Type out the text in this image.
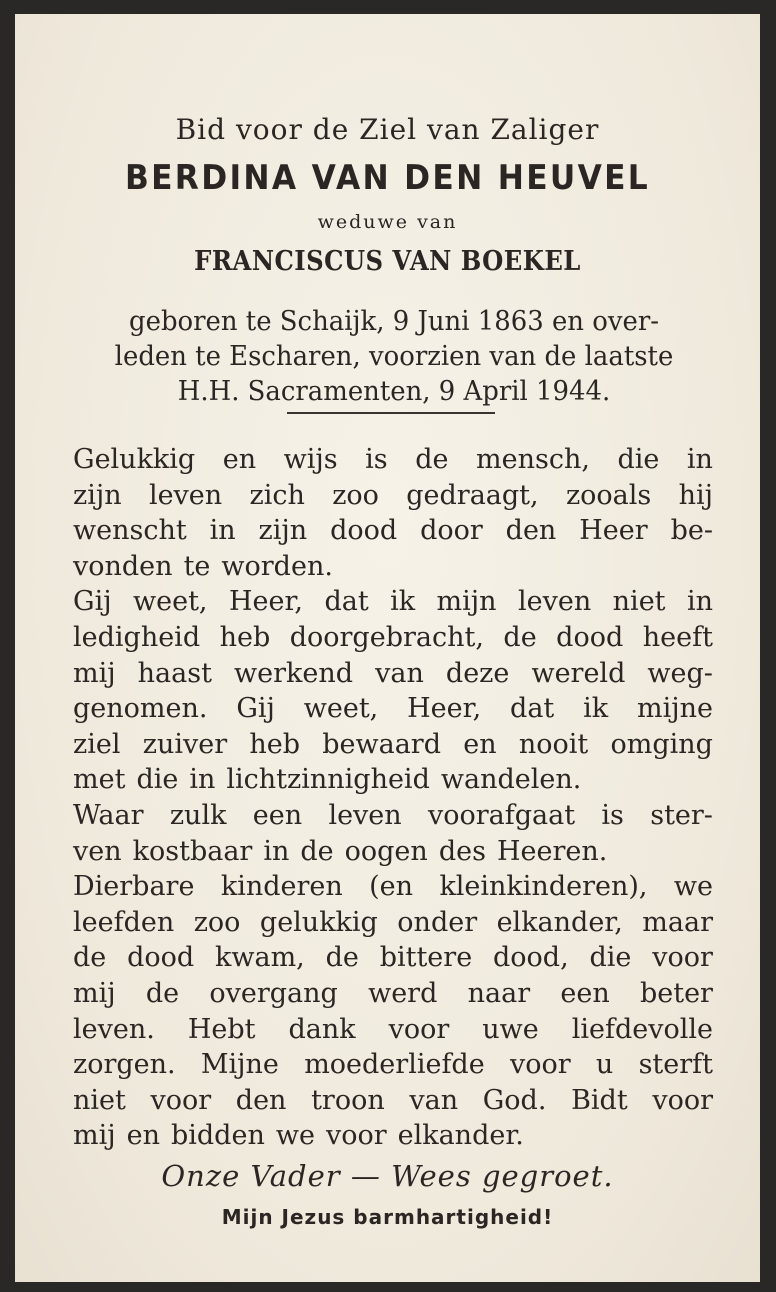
Bid voor de Ziel van Zaliger
BERDINA VAN DEN HEUVEL
weduwe van
FRANCISCUS VAN BOEKEL
geboren te Schaijk, 9 Juni 1863 en over-
leden te Escharen, voorzien van de laatste
H.H. Sacramenten, 9 April 1944.
Gelukkig en wijs is de mensch, die in
zijn leven zich zoo gedraagt, zooals hij
wenscht in zijn dood door den Heer be-
vonden te worden.
Gij weet, Heer, dat ik mijn leven niet in
ledigheid heb doorgebracht, de dood heeft
mij haast werkend van deze wereld weg-
genomen. Gij weet, Heer, dat ik mijne
ziel zuiver heb bewaard en nooit omging
met die in lichtzinnigheid wandelen.
Waar zulk een leven voorafgaat is ster-
ven kostbaar in de oogen des Heeren.
Dierbare kinderen (en kleinkinderen), we
leefden zoo gelukkig onder elkander, maar
de dood kwam, de bittere dood, die voor
mij de overgang werd naar een beter
leven. Hebt dank voor uwe liefdevolle
zorgen. Mijne moederliefde voor u sterft
niet voor den troon van God. Bidt voor
mij en bidden we voor elkander.
Onze Vader — Wees gegroet.
Mijn Jezus barmhartigheid!
